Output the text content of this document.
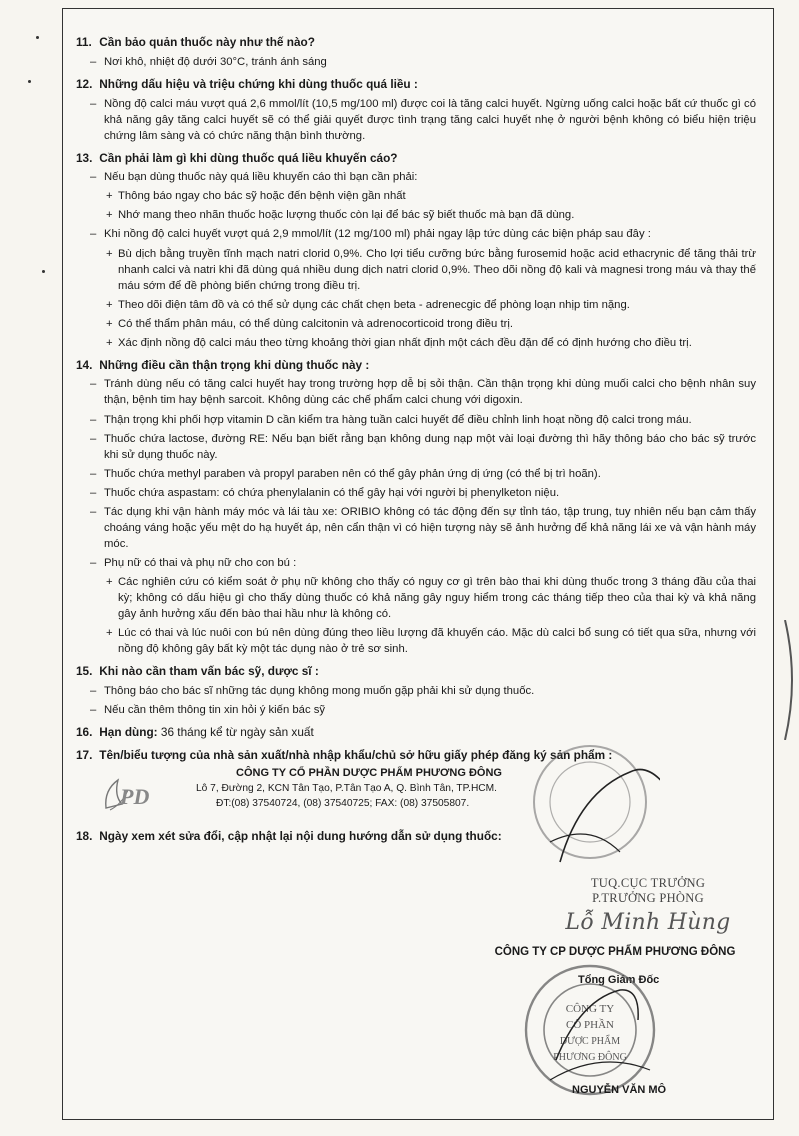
11. Cần bảo quản thuốc này như thế nào?
– Nơi khô, nhiệt độ dưới 30°C, tránh ánh sáng
12. Những dấu hiệu và triệu chứng khi dùng thuốc quá liều :
– Nồng độ calci máu vượt quá 2,6 mmol/lít (10,5 mg/100 ml) được coi là tăng calci huyết. Ngừng uống calci hoặc bất cứ thuốc gì có khả năng gây tăng calci huyết sẽ có thể giải quyết được tình trạng tăng calci huyết nhẹ ở người bệnh không có biểu hiện triệu chứng lâm sàng và có chức năng thận bình thường.
13. Cần phải làm gì khi dùng thuốc quá liều khuyến cáo?
– Nếu bạn dùng thuốc này quá liều khuyến cáo thì bạn cần phải:
+ Thông báo ngay cho bác sỹ hoặc đến bệnh viện gần nhất
+ Nhớ mang theo nhãn thuốc hoặc lượng thuốc còn lại để bác sỹ biết thuốc mà bạn đã dùng.
– Khi nồng độ calci huyết vượt quá 2,9 mmol/lít (12 mg/100 ml) phải ngay lập tức dùng các biện pháp sau đây :
+ Bù dịch bằng truyền tĩnh mạch natri clorid 0,9%. Cho lợi tiểu cưỡng bức bằng furosemid hoặc acid ethacrynic để tăng thải trừ nhanh calci và natri khi đã dùng quá nhiều dung dịch natri clorid 0,9%. Theo dõi nồng độ kali và magnesi trong máu và thay thế máu sớm để đề phòng biến chứng trong điều trị.
+ Theo dõi điện tâm đồ và có thể sử dụng các chất chẹn beta - adrenecgic để phòng loạn nhịp tim nặng.
+ Có thể thẩm phân máu, có thể dùng calcitonin và adrenocorticoid trong điều trị.
+ Xác định nồng độ calci máu theo từng khoảng thời gian nhất định một cách đều đặn để có định hướng cho điều trị.
14. Những điều cần thận trọng khi dùng thuốc này :
– Tránh dùng nếu có tăng calci huyết hay trong trường hợp dễ bị sỏi thận. Cần thận trọng khi dùng muối calci cho bệnh nhân suy thận, bệnh tim hay bệnh sarcoit. Không dùng các chế phẩm calci chung với digoxin.
– Thận trọng khi phối hợp vitamin D cần kiểm tra hàng tuần calci huyết để điều chỉnh linh hoạt nồng độ calci trong máu.
– Thuốc chứa lactose, đường RE: Nếu bạn biết rằng bạn không dung nạp một vài loại đường thì hãy thông báo cho bác sỹ trước khi sử dụng thuốc này.
– Thuốc chứa methyl paraben và propyl paraben nên có thể gây phản ứng dị ứng (có thể bị trì hoãn).
– Thuốc chứa aspastam: có chứa phenylalanin có thể gây hại với người bị phenylketon niệu.
– Tác dụng khi vận hành máy móc và lái tàu xe: ORIBIO không có tác động đến sự tỉnh táo, tập trung, tuy nhiên nếu bạn cảm thấy choáng váng hoặc yếu mệt do hạ huyết áp, nên cẩn thận vì có hiện tượng này sẽ ảnh hưởng để khả năng lái xe và vận hành máy móc.
– Phụ nữ có thai và phụ nữ cho con bú :
+ Các nghiên cứu có kiểm soát ở phụ nữ không cho thấy có nguy cơ gì trên bào thai khi dùng thuốc trong 3 tháng đầu của thai kỳ; không có dấu hiệu gì cho thấy dùng thuốc có khả năng gây nguy hiểm trong các tháng tiếp theo của thai kỳ và khả năng gây ảnh hưởng xấu đến bào thai hầu như là không có.
+ Lúc có thai và lúc nuôi con bú nên dùng đúng theo liều lượng đã khuyến cáo. Mặc dù calci bổ sung có tiết qua sữa, nhưng với nồng độ không gây bất kỳ một tác dụng nào ở trẻ sơ sinh.
15. Khi nào cần tham vấn bác sỹ, dược sĩ :
– Thông báo cho bác sĩ những tác dụng không mong muốn gặp phải khi sử dụng thuốc.
– Nếu cần thêm thông tin xin hỏi ý kiến bác sỹ
16. Hạn dùng: 36 tháng kể từ ngày sản xuất
17. Tên/biểu tượng của nhà sản xuất/nhà nhập khẩu/chủ sở hữu giấy phép đăng ký sản phẩm :
PD
CÔNG TY CỔ PHẦN DƯỢC PHẨM PHƯƠNG ĐÔNG
Lô 7, Đường 2, KCN Tân Tạo, P.Tân Tạo A, Q. Bình Tân, TP.HCM.
ĐT:(08) 37540724, (08) 37540725; FAX: (08) 37505807.
18. Ngày xem xét sửa đổi, cập nhật lại nội dung hướng dẫn sử dụng thuốc:
TUQ.CỤC TRƯỞNG
P.TRƯỞNG PHÒNG
Lỗ Minh Hùng
CÔNG TY CP DƯỢC PHẨM PHƯƠNG ĐÔNG
Tổng Giám Đốc
CÔNG TY
CỔ PHẦN
DƯỢC PHẨM
PHƯƠNG ĐÔNG
NGUYỄN VĂN MÔ
